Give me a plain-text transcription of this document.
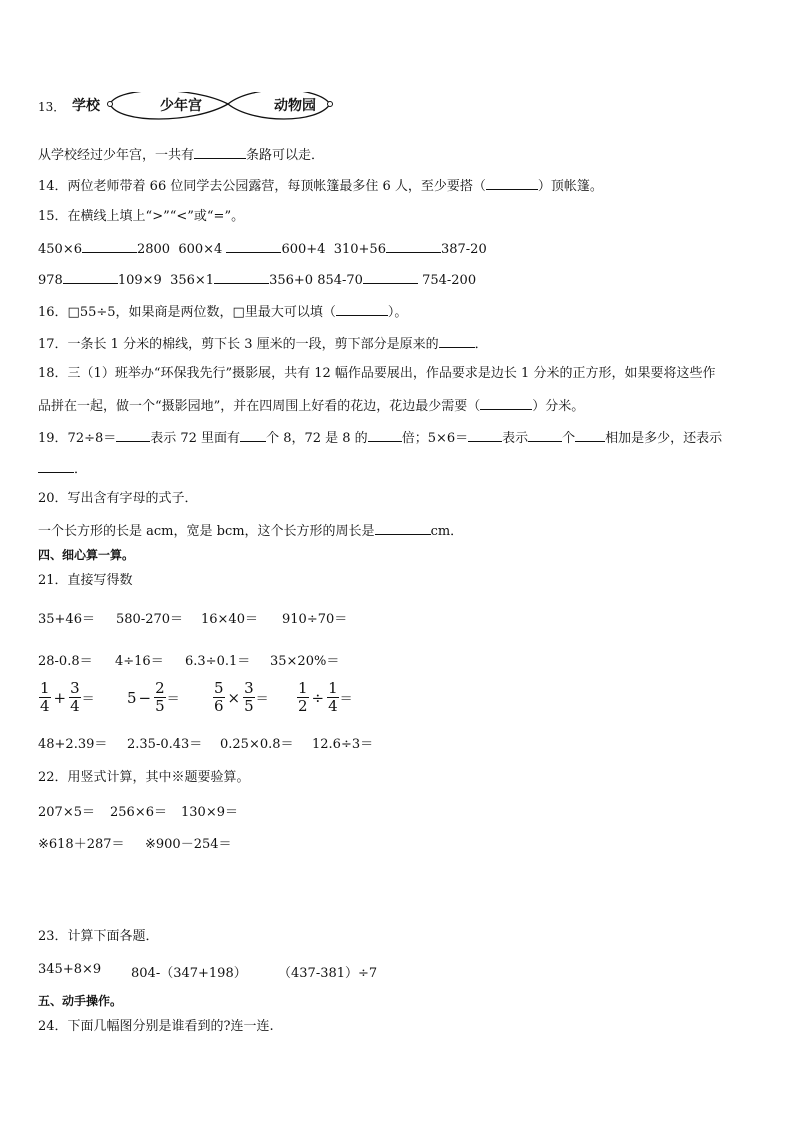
13． 学校	少年宫	动物园
从学校经过少年宫，一共有	条路可以走．
14．两位老师带着 66 位同学去公园露营，每顶帐篷最多住 6 人，至少要搭（	）顶帐篷。
15．在横线上填上“>”“<”或“=”。
450×6	2800 600×4	600+4 310+56	387-20
978	109×9 356×1	356+0 854-70	754-200
16．□55÷5，如果商是两位数，□里最大可以填（	）。
17．一条长 1 分米的棉线，剪下长 3 厘米的一段，剪下部分是原来的	．
18．三（1）班举办“环保我先行”摄影展，共有 12 幅作品要展出，作品要求是边长 1 分米的正方形，如果要将这些作
品拼在一起，做一个“摄影园地”，并在四周围上好看的花边，花边最少需要（	）分米。
19．72÷8＝	表示 72 里面有 个 8，72 是 8 的	倍；5×6＝	表示	个 相加是多少，还表示
．
20．写出含有字母的式子．
一个长方形的长是 acm，宽是 bcm，这个长方形的周长是	cm．
四、细心算一算。
21．直接写得数
35+46＝ 580-270＝ 16×40＝ 910÷70＝
28-0.8＝ 4÷16＝ 6.3÷0.1＝ 35×20%＝
1
$4 + \frac{3}{4} = 5 - \frac{2}{5} = \frac{5}{6} \times \frac{3}{5} = \frac{1}{2} \div \frac{1}{4}$ ＝
48+2.39＝ 2.35-0.43＝ 0.25×0.8＝ 12.6÷3＝
22．用竖式计算，其中※题要验算。
207×5＝ 256×6＝ 130×9＝
※618＋287＝ ※900－254＝
23．计算下面各题．
345+8×9 804-（347+198） （437-381）÷7
五、动手操作。
24．下面几幅图分别是谁看到的?连一连.
